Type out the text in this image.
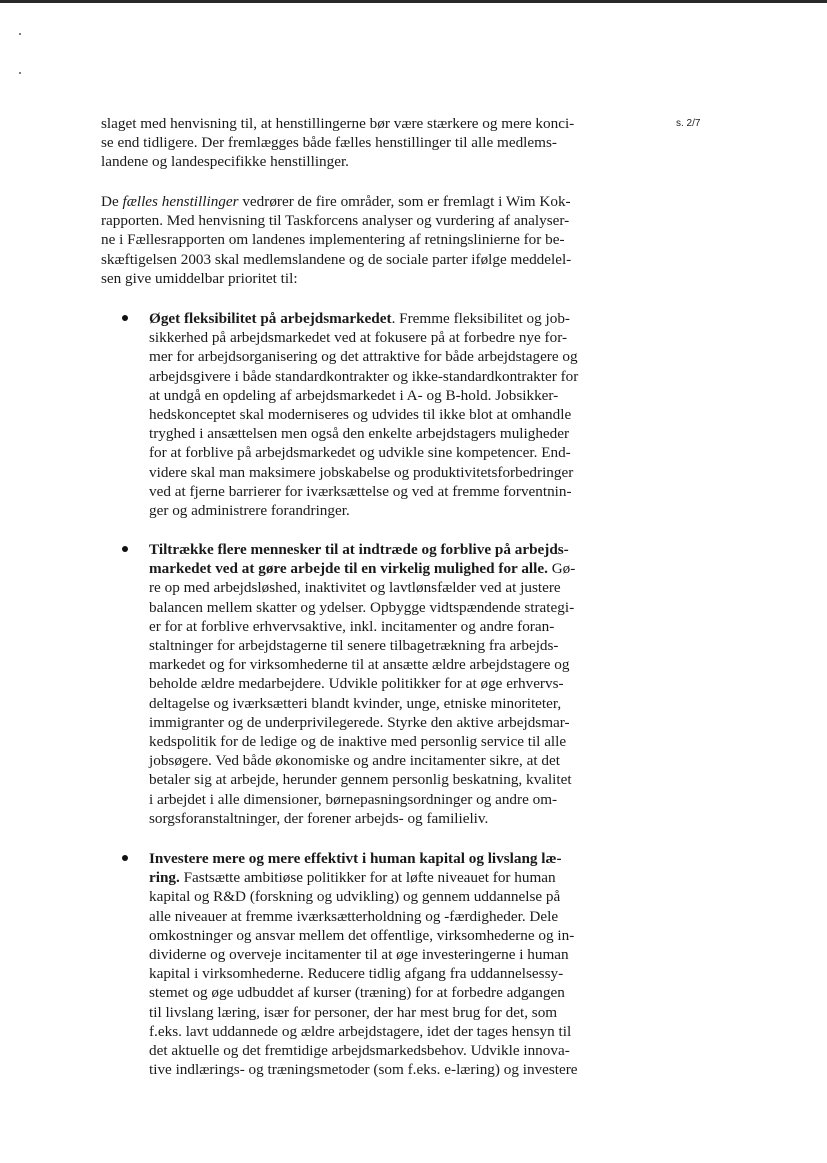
s. 2/7
slaget med henvisning til, at henstillingerne bør være stærkere og mere konci-
se end tidligere. Der fremlægges både fælles henstillinger til alle medlems-
landene og landespecifikke henstillinger.
De fælles henstillinger vedrører de fire områder, som er fremlagt i Wim Kok-
rapporten. Med henvisning til Taskforcens analyser og vurdering af analyser-
ne i Fællesrapporten om landenes implementering af retningslinierne for be-
skæftigelsen 2003 skal medlemslandene og de sociale parter ifølge meddelel-
sen give umiddelbar prioritet til:
Øget fleksibilitet på arbejdsmarkedet. Fremme fleksibilitet og job-
sikkerhed på arbejdsmarkedet ved at fokusere på at forbedre nye for-
mer for arbejdsorganisering og det attraktive for både arbejdstagere og
arbejdsgivere i både standardkontrakter og ikke-standardkontrakter for
at undgå en opdeling af arbejdsmarkedet i A- og B-hold. Jobsikker-
hedskonceptet skal moderniseres og udvides til ikke blot at omhandle
tryghed i ansættelsen men også den enkelte arbejdstagers muligheder
for at forblive på arbejdsmarkedet og udvikle sine kompetencer. End-
videre skal man maksimere jobskabelse og produktivitetsforbedringer
ved at fjerne barrierer for iværksættelse og ved at fremme forventnin-
ger og administrere forandringer.
Tiltrække flere mennesker til at indtræde og forblive på arbejds-
markedet ved at gøre arbejde til en virkelig mulighed for alle. Gø-
re op med arbejdsløshed, inaktivitet og lavtlønsfælder ved at justere
balancen mellem skatter og ydelser. Opbygge vidtspændende strategi-
er for at forblive erhvervsaktive, inkl. incitamenter og andre foran-
staltninger for arbejdstagerne til senere tilbagetrækning fra arbejds-
markedet og for virksomhederne til at ansætte ældre arbejdstagere og
beholde ældre medarbejdere. Udvikle politikker for at øge erhvervs-
deltagelse og iværksætteri blandt kvinder, unge, etniske minoriteter,
immigranter og de underprivilegerede. Styrke den aktive arbejdsmar-
kedspolitik for de ledige og de inaktive med personlig service til alle
jobsøgere. Ved både økonomiske og andre incitamenter sikre, at det
betaler sig at arbejde, herunder gennem personlig beskatning, kvalitet
i arbejdet i alle dimensioner, børnepasningsordninger og andre om-
sorgsforanstaltninger, der forener arbejds- og familieliv.
Investere mere og mere effektivt i human kapital og livslang læ-
ring. Fastsætte ambitiøse politikker for at løfte niveauet for human
kapital og R&D (forskning og udvikling) og gennem uddannelse på
alle niveauer at fremme iværksætterholdning og -færdigheder. Dele
omkostninger og ansvar mellem det offentlige, virksomhederne og in-
dividerne og overveje incitamenter til at øge investeringerne i human
kapital i virksomhederne. Reducere tidlig afgang fra uddannelsessy-
stemet og øge udbuddet af kurser (træning) for at forbedre adgangen
til livslang læring, især for personer, der har mest brug for det, som
f.eks. lavt uddannede og ældre arbejdstagere, idet der tages hensyn til
det aktuelle og det fremtidige arbejdsmarkedsbehov. Udvikle innova-
tive indlærings- og træningsmetoder (som f.eks. e-læring) og investere
